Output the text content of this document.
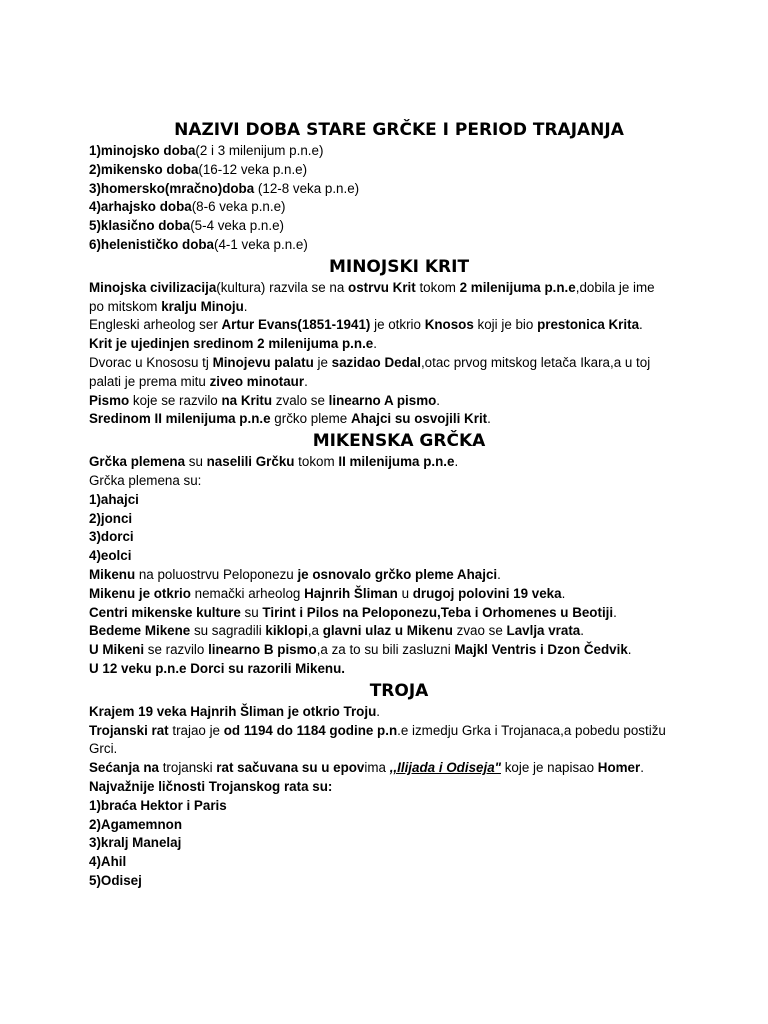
NAZIVI DOBA STARE GRČKE I PERIOD TRAJANJA
1)minojsko doba(2 i 3 milenijum p.n.e)
2)mikensko doba(16-12 veka p.n.e)
3)homersko(mračno)doba (12-8 veka p.n.e)
4)arhajsko doba(8-6 veka p.n.e)
5)klasično doba(5-4 veka p.n.e)
6)helenističko doba(4-1 veka p.n.e)
MINOJSKI KRIT
Minojska civilizacija(kultura) razvila se na ostrvu Krit tokom 2 milenijuma p.n.e,dobila je ime
po mitskom kralju Minoju.
Engleski arheolog ser Artur Evans(1851-1941) je otkrio Knosos koji je bio prestonica Krita.
Krit je ujedinjen sredinom 2 milenijuma p.n.e.
Dvorac u Knososu tj Minojevu palatu je sazidao Dedal,otac prvog mitskog letača Ikara,a u toj
palati je prema mitu ziveo minotaur.
Pismo koje se razvilo na Kritu zvalo se linearno A pismo.
Sredinom II milenijuma p.n.e grčko pleme Ahajci su osvojili Krit.
MIKENSKA GRČKA
Grčka plemena su naselili Grčku tokom II milenijuma p.n.e.
Grčka plemena su:
1)ahajci
2)jonci
3)dorci
4)eolci
Mikenu na poluostrvu Peloponezu je osnovalo grčko pleme Ahajci.
Mikenu je otkrio nemački arheolog Hajnrih Šliman u drugoj polovini 19 veka.
Centri mikenske kulture su Tirint i Pilos na Peloponezu,Teba i Orhomenes u Beotiji.
Bedeme Mikene su sagradili kiklopi,a glavni ulaz u Mikenu zvao se Lavlja vrata.
U Mikeni se razvilo linearno B pismo,a za to su bili zasluzni Majkl Ventris i Dzon Čedvik.
U 12 veku p.n.e Dorci su razorili Mikenu.
TROJA
Krajem 19 veka Hajnrih Šliman je otkrio Troju.
Trojanski rat trajao je od 1194 do 1184 godine p.n.e izmedju Grka i Trojanaca,a pobedu postižu
Grci.
Sećanja na trojanski rat sačuvana su u epovima ,,Ilijada i Odiseja" koje je napisao Homer.
Najvažnije ličnosti Trojanskog rata su:
1)braća Hektor i Paris
2)Agamemnon
3)kralj Manelaj
4)Ahil
5)Odisej
